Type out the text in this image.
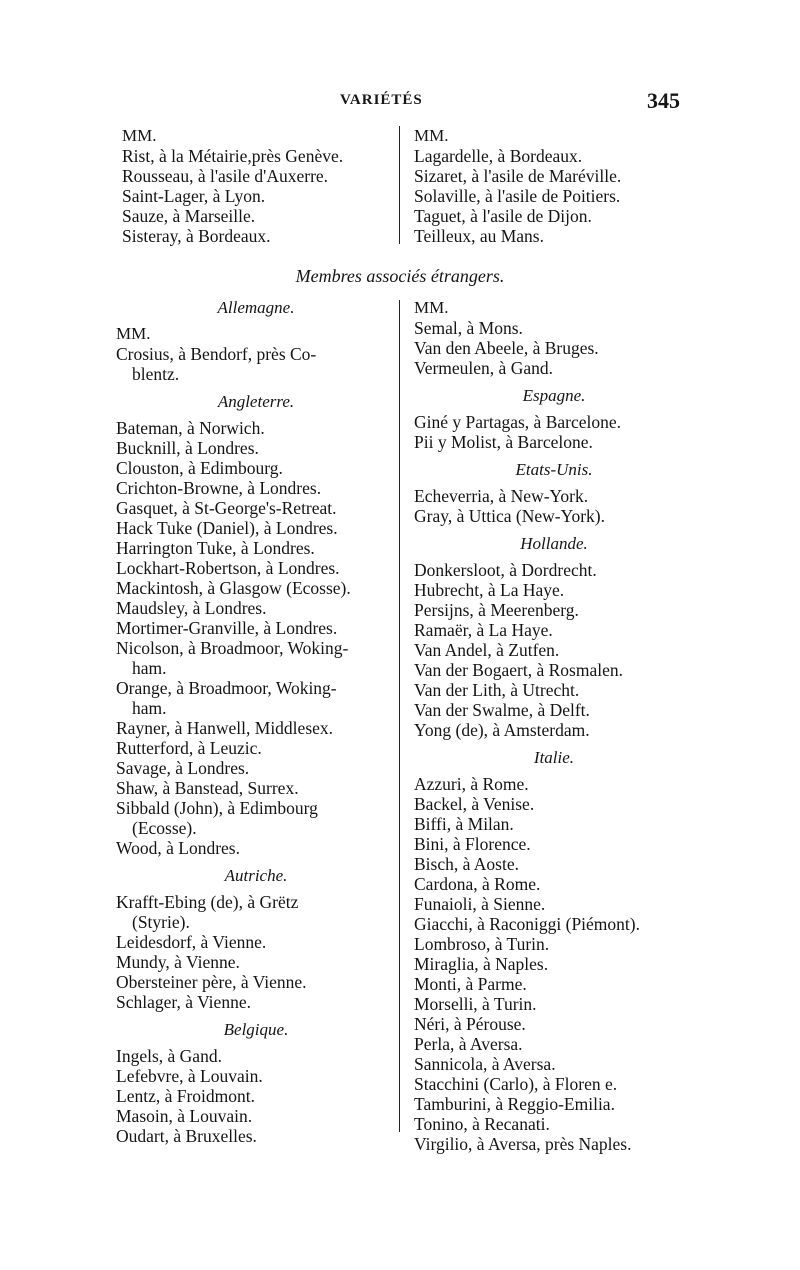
VARIÉTÉS	345
MM.
Rist, à la Métairie,près Genève.
Rousseau, à l'asile d'Auxerre.
Saint-Lager, à Lyon.
Sauze, à Marseille.
Sisteray, à Bordeaux.
MM.
Lagardelle, à Bordeaux.
Sizaret, à l'asile de Maréville.
Solaville, à l'asile de Poitiers.
Taguet, à l'asile de Dijon.
Teilleux, au Mans.
Membres associés étrangers.
Allemagne.
MM.
Crosius, à Bendorf, près Co-
blentz.
Angleterre.
Bateman, à Norwich.
Bucknill, à Londres.
Clouston, à Edimbourg.
Crichton-Browne, à Londres.
Gasquet, à St-George's-Retreat.
Hack Tuke (Daniel), à Londres.
Harrington Tuke, à Londres.
Lockhart-Robertson, à Londres.
Mackintosh, à Glasgow (Ecosse).
Maudsley, à Londres.
Mortimer-Granville, à Londres.
Nicolson, à Broadmoor, Woking-
ham.
Orange, à Broadmoor, Woking-
ham.
Rayner, à Hanwell, Middlesex.
Rutterford, à Leuzic.
Savage, à Londres.
Shaw, à Banstead, Surrex.
Sibbald (John), à Edimbourg
(Ecosse).
Wood, à Londres.
Autriche.
Krafft-Ebing (de), à Grëtz
(Styrie).
Leidesdorf, à Vienne.
Mundy, à Vienne.
Obersteiner père, à Vienne.
Schlager, à Vienne.
Belgique.
Ingels, à Gand.
Lefebvre, à Louvain.
Lentz, à Froidmont.
Masoin, à Louvain.
Oudart, à Bruxelles.
MM.
Semal, à Mons.
Van den Abeele, à Bruges.
Vermeulen, à Gand.
Espagne.
Giné y Partagas, à Barcelone.
Pii y Molist, à Barcelone.
Etats-Unis.
Echeverria, à New-York.
Gray, à Uttica (New-York).
Hollande.
Donkersloot, à Dordrecht.
Hubrecht, à La Haye.
Persijns, à Meerenberg.
Ramaër, à La Haye.
Van Andel, à Zutfen.
Van der Bogaert, à Rosmalen.
Van der Lith, à Utrecht.
Van der Swalme, à Delft.
Yong (de), à Amsterdam.
Italie.
Azzuri, à Rome.
Backel, à Venise.
Biffi, à Milan.
Bini, à Florence.
Bisch, à Aoste.
Cardona, à Rome.
Funaioli, à Sienne.
Giacchi, à Raconiggi (Piémont).
Lombroso, à Turin.
Miraglia, à Naples.
Monti, à Parme.
Morselli, à Turin.
Néri, à Pérouse.
Perla, à Aversa.
Sannicola, à Aversa.
Stacchini (Carlo), à Floren e.
Tamburini, à Reggio-Emilia.
Tonino, à Recanati.
Virgilio, à Aversa, près Naples.
